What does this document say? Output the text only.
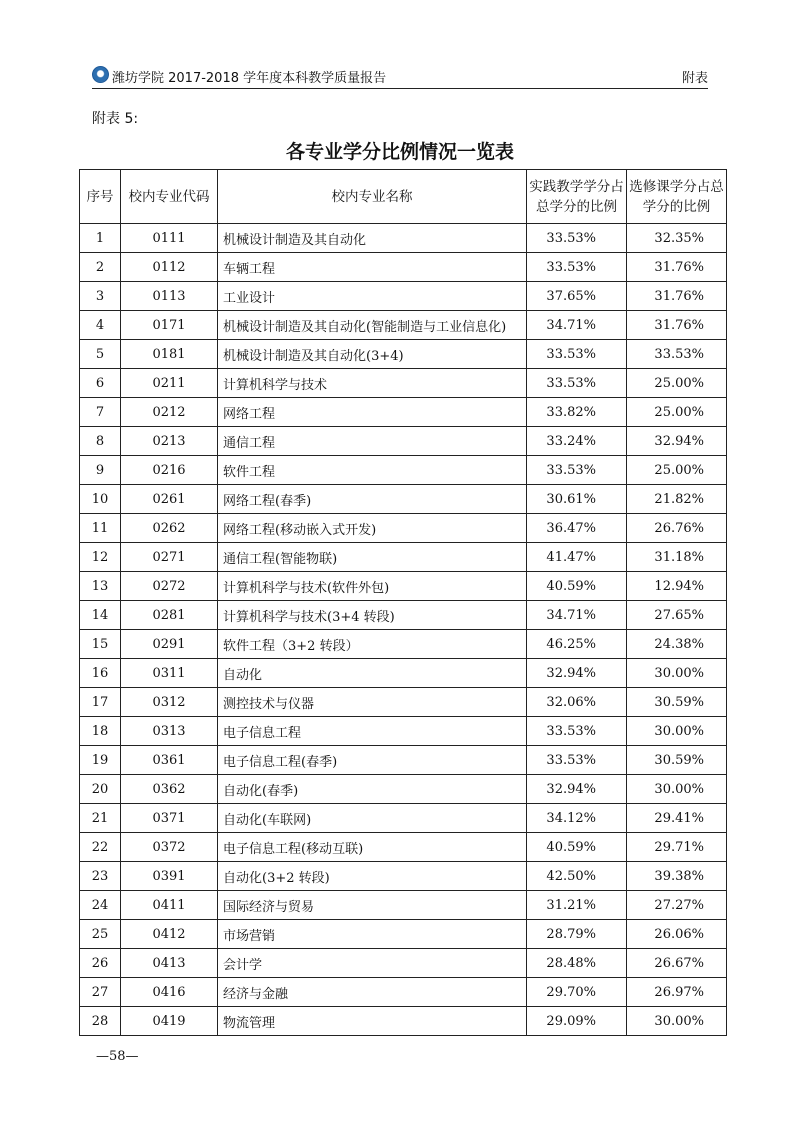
潍坊学院 2017-2018 学年度本科教学质量报告	附表
附表 5:
各专业学分比例情况一览表
序号	校内专业代码	校内专业名称	实践教学学分占总学分的比例	选修课学分占总学分的比例
1	0111	机械设计制造及其自动化	33.53%	32.35%
2	0112	车辆工程	33.53%	31.76%
3	0113	工业设计	37.65%	31.76%
4	0171	机械设计制造及其自动化(智能制造与工业信息化)	34.71%	31.76%
5	0181	机械设计制造及其自动化(3+4)	33.53%	33.53%
6	0211	计算机科学与技术	33.53%	25.00%
7	0212	网络工程	33.82%	25.00%
8	0213	通信工程	33.24%	32.94%
9	0216	软件工程	33.53%	25.00%
10	0261	网络工程(春季)	30.61%	21.82%
11	0262	网络工程(移动嵌入式开发)	36.47%	26.76%
12	0271	通信工程(智能物联)	41.47%	31.18%
13	0272	计算机科学与技术(软件外包)	40.59%	12.94%
14	0281	计算机科学与技术(3+4 转段)	34.71%	27.65%
15	0291	软件工程（3+2 转段）	46.25%	24.38%
16	0311	自动化	32.94%	30.00%
17	0312	测控技术与仪器	32.06%	30.59%
18	0313	电子信息工程	33.53%	30.00%
19	0361	电子信息工程(春季)	33.53%	30.59%
20	0362	自动化(春季)	32.94%	30.00%
21	0371	自动化(车联网)	34.12%	29.41%
22	0372	电子信息工程(移动互联)	40.59%	29.71%
23	0391	自动化(3+2 转段)	42.50%	39.38%
24	0411	国际经济与贸易	31.21%	27.27%
25	0412	市场营销	28.79%	26.06%
26	0413	会计学	28.48%	26.67%
27	0416	经济与金融	29.70%	26.97%
28	0419	物流管理	29.09%	30.00%
—58—
